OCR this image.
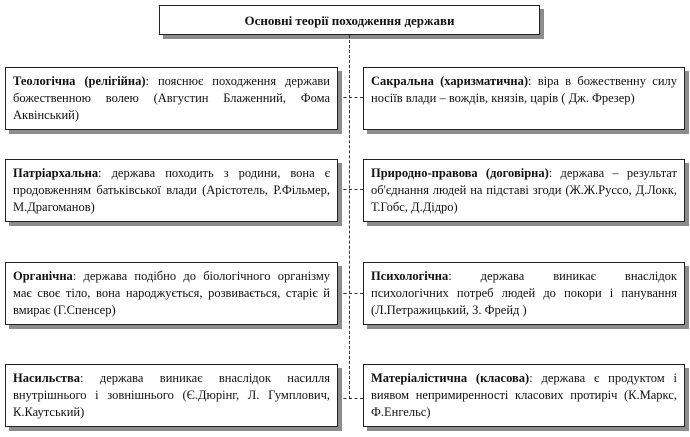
Основні теорії походження держави
Теологічна (релігійна): пояснює походження держави божественною волею (Августин Блаженний, Фома Аквінський)
Сакральна (харизматична): віра в божественну силу носіїв влади – вождів, князів, царів ( Дж. Фрезер)
Патріархальна: держава походить з родини, вона є продовженням батьківської влади (Арістотель, Р.Фільмер, М.Драгоманов)
Природно-правова (договірна): держава – результат об'єднання людей на підставі згоди (Ж.Ж.Руссо, Д.Локк, Т.Гобс, Д.Дідро)
Органічна: держава подібно до біологічного організму має своє тіло, вона народжується, розвивається, старіє й вмирає (Г.Спенсер)
Психологічна: держава виникає внаслідок психологічних потреб людей до покори і панування (Л.Петражицький, З. Фрейд )
Насильства: держава виникає внаслідок насилля внутрішнього і зовнішнього (Є.Дюрінг, Л. Гумплович, К.Каутський)
Матеріалістична (класова): держава є продуктом і виявом непримиренності класових протиріч (К.Маркс, Ф.Енгельс)
